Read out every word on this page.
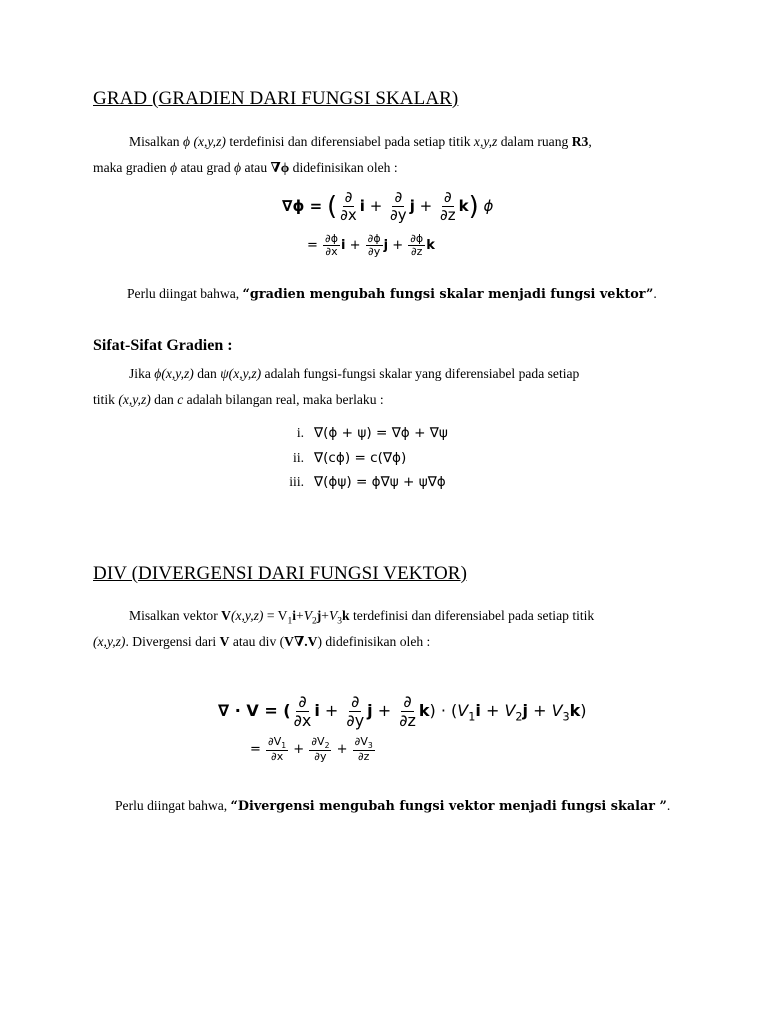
GRAD (GRADIEN DARI FUNGSI SKALAR)
Misalkan ϕ (x,y,z) terdefinisi dan diferensiabel pada setiap titik x,y,z dalam ruang R3,
maka gradien ϕ atau grad ϕ atau ∇ϕ didefinisikan oleh :
∇ϕ = ( $\frac{\partial}{\partial x}$ $i + \frac{\partial}{\partial y}$ $j + \frac{\partial}{\partial z} k$) ϕ
= $\frac{\partial\phi}{\partial x}$ $i + \frac{\partial\phi}{\partial y}$ $j + \frac{\partial\phi}{\partial z}$ k
Perlu diingat bahwa, “gradien mengubah fungsi skalar menjadi fungsi vektor”.
Sifat-Sifat Gradien :
Jika ϕ(x,y,z) dan ψ(x,y,z) adalah fungsi-fungsi skalar yang diferensiabel pada setiap
titik (x,y,z) dan c adalah bilangan real, maka berlaku :
i. ∇(ϕ + ψ) = ∇ϕ + ∇ψ
ii. ∇(cϕ) = c(∇ϕ)
iii. ∇(ϕψ) = ϕ∇ψ + ψ∇ϕ
DIV (DIVERGENSI DARI FUNGSI VEKTOR)
Misalkan vektor $V(x,y,z) = V_1i+V_2j+V_3k$ terdefinisi dan diferensiabel pada setiap titik
(x,y,z). Divergensi dari V atau div (V∇.V) didefinisikan oleh :
∇ · V = ( $\frac{\partial}{\partial x}$ $i + \frac{\partial}{\partial y}$ $j + \frac{\partial}{\partial z} k) \cdot (V_1i + V_2j + V_3k)$
= $\frac{\partial V_1}{\partial x} + \frac{\partial V_2}{\partial y} + \frac{\partial V_3}{\partial z}$
Perlu diingat bahwa, “Divergensi mengubah fungsi vektor menjadi fungsi skalar ”.
